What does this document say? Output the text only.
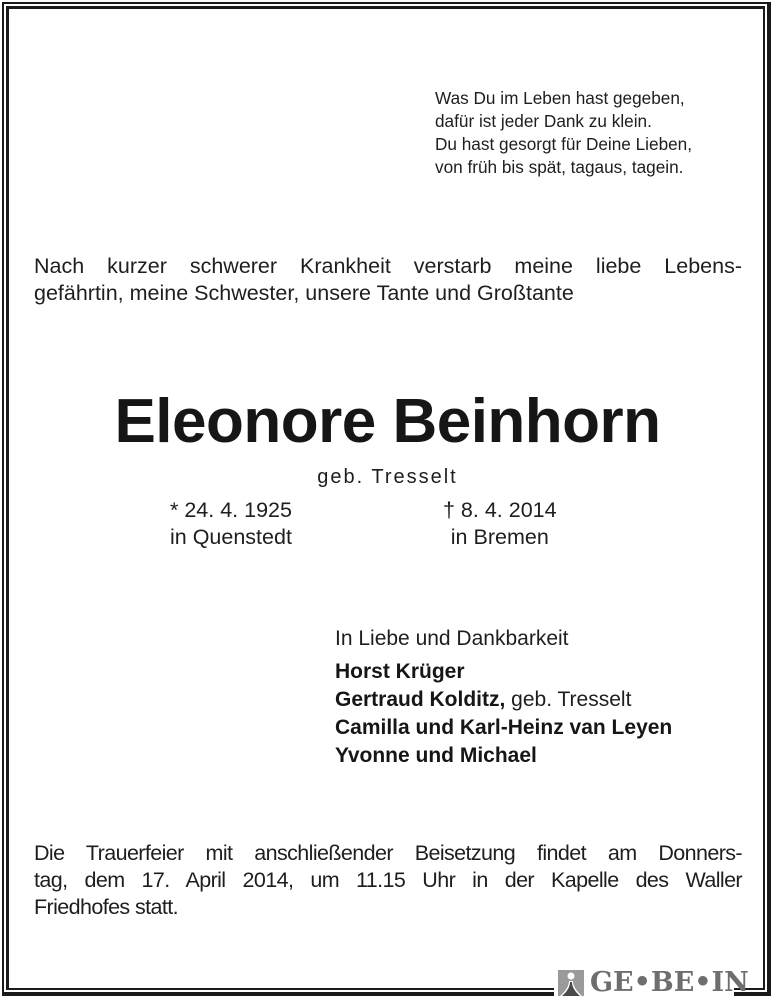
Was Du im Leben hast gegeben,
dafür ist jeder Dank zu klein.
Du hast gesorgt für Deine Lieben,
von früh bis spät, tagaus, tagein.
Nach kurzer schwerer Krankheit verstarb meine liebe Lebens-
gefährtin, meine Schwester, unsere Tante und Großtante
Eleonore Beinhorn
geb. Tresselt
* 24. 4. 1925
in Quenstedt
† 8. 4. 2014
in Bremen
In Liebe und Dankbarkeit
Horst Krüger
Gertraud Kolditz, geb. Tresselt
Camilla und Karl-Heinz van Leyen
Yvonne und Michael
Die Trauerfeier mit anschließender Beisetzung findet am Donners-
tag, dem 17. April 2014, um 11.15 Uhr in der Kapelle des Waller
Friedhofes statt.
GE•BE•IN
